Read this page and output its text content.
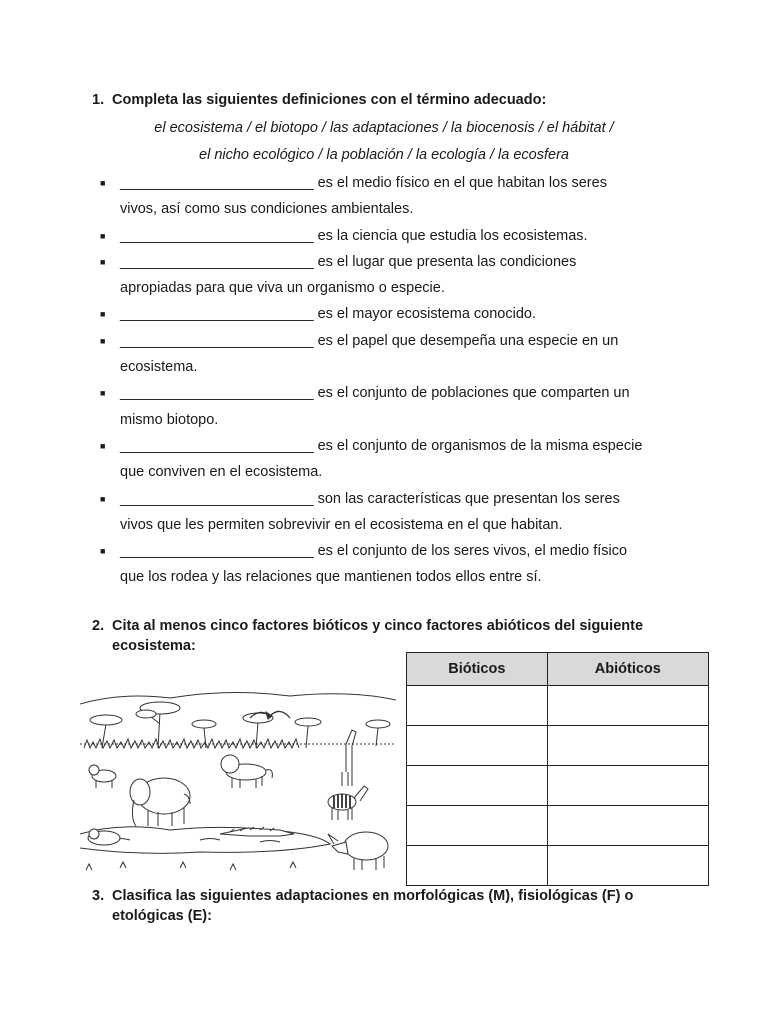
1. Completa las siguientes definiciones con el término adecuado:
el ecosistema / el biotopo / las adaptaciones / la biocenosis / el hábitat /
el nicho ecológico / la población / la ecología / la ecosfera
■ ________________________ es el medio físico en el que habitan los seres
vivos, así como sus condiciones ambientales.
■ ________________________ es la ciencia que estudia los ecosistemas.
■ ________________________ es el lugar que presenta las condiciones
apropiadas para que viva un organismo o especie.
■ ________________________ es el mayor ecosistema conocido.
■ ________________________ es el papel que desempeña una especie en un
ecosistema.
■ ________________________ es el conjunto de poblaciones que comparten un
mismo biotopo.
■ ________________________ es el conjunto de organismos de la misma especie
que conviven en el ecosistema.
■ ________________________ son las características que presentan los seres
vivos que les permiten sobrevivir en el ecosistema en el que habitan.
■ ________________________ es el conjunto de los seres vivos, el medio físico
que los rodea y las relaciones que mantienen todos ellos entre sí.
2. Cita al menos cinco factores bióticos y cinco factores abióticos del siguiente ecosistema:
Bióticos	Abióticos

3. Clasifica las siguientes adaptaciones en morfológicas (M), fisiológicas (F) o etológicas (E):
